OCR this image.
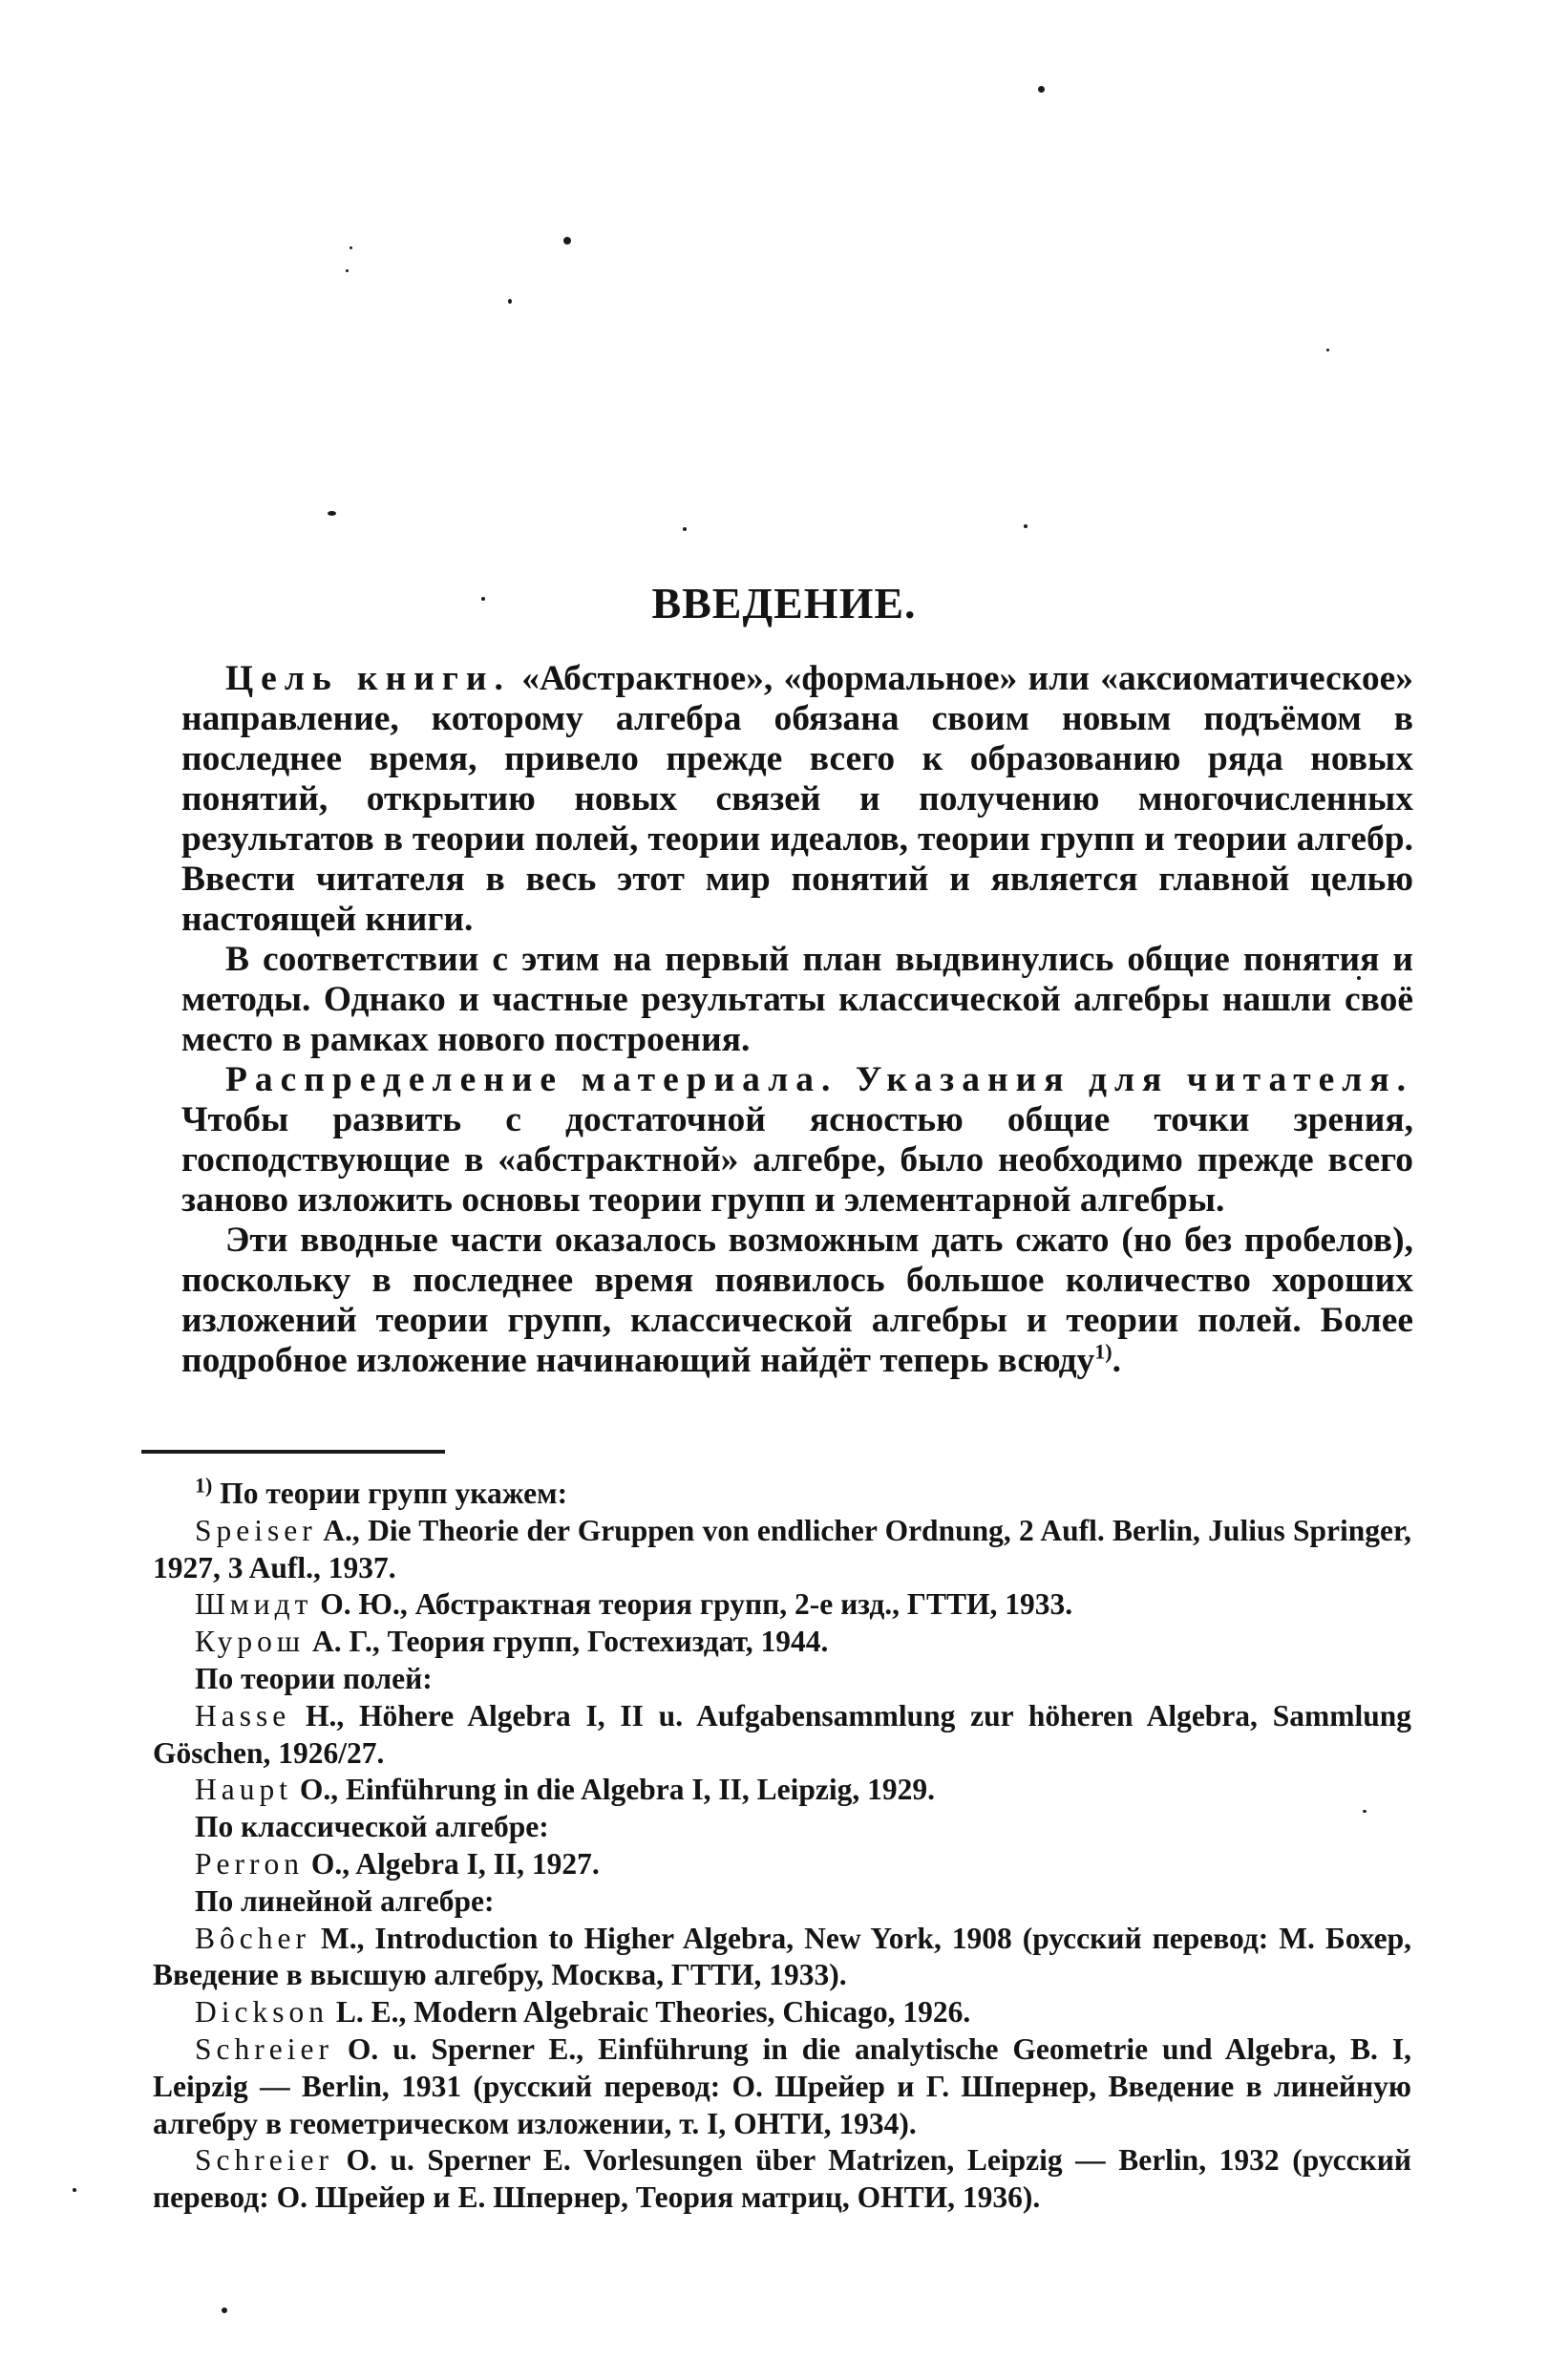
ВВЕДЕНИЕ.

Цель книги. «Абстрактное», «формальное» или «аксиоматическое» направление, которому алгебра обязана своим новым подъёмом в последнее время, привело прежде всего к образованию ряда новых понятий, открытию новых связей и получению многочисленных результатов в теории полей, теории идеалов, теории групп и теории алгебр. Ввести читателя в весь этот мир понятий и является главной целью настоящей книги.

В соответствии с этим на первый план выдвинулись общие понятия и методы. Однако и частные результаты классической алгебры нашли своё место в рамках нового построения.

Распределение материала. Указания для читателя. Чтобы развить с достаточной ясностью общие точки зрения, господствующие в «абстрактной» алгебре, было необходимо прежде всего заново изложить основы теории групп и элементарной алгебры.

Эти вводные части оказалось возможным дать сжато (но без пробелов), поскольку в последнее время появилось большое количество хороших изложений теории групп, классической алгебры и теории полей. Более подробное изложение начинающий найдёт теперь всюду$^{1)}$.

$^{1)}$ По теории групп укажем:

Speiser A., Die Theorie der Gruppen von endlicher Ordnung, 2 Aufl. Berlin, Julius Springer, 1927, 3 Aufl., 1937.

Шмидт О. Ю., Абстрактная теория групп, 2-е изд., ГТТИ, 1933.

Курош А. Г., Теория групп, Гостехиздат, 1944.

По теории полей:

Hasse H., Höhere Algebra I, II u. Aufgabensammlung zur höheren Algebra, Sammlung Göschen, 1926/27.

Haupt O., Einführung in die Algebra I, II, Leipzig, 1929.

По классической алгебре:

Perron O., Algebra I, II, 1927.

По линейной алгебре:

Bôcher M., Introduction to Higher Algebra, New York, 1908 (русский перевод: М. Бохер, Введение в высшую алгебру, Москва, ГТТИ, 1933).

Dickson L. E., Modern Algebraic Theories, Chicago, 1926.

Schreier O. u. Sperner E., Einführung in die analytische Geometrie und Algebra, B. I, Leipzig — Berlin, 1931 (русский перевод: О. Шрейер и Г. Шпернер, Введение в линейную алгебру в геометрическом изложении, т. I, ОНТИ, 1934).

Schreier O. u. Sperner E. Vorlesungen über Matrizen, Leipzig — Berlin, 1932 (русский перевод: О. Шрейер и Е. Шпернер, Теория матриц, ОНТИ, 1936).
